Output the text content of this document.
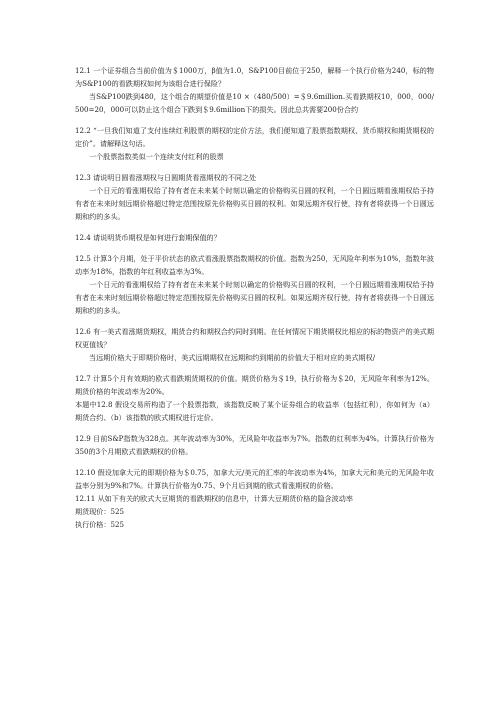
12.1 一个证券组合当前价值为＄1000万，β值为1.0，S&P100目前位于250，解释一个执行价格为240，标的物为S&P100的看跌期权如何为该组合进行保险？

当S&P100跌到480，这个组合的期望价值是10 ×（480/500）=＄9.6million.买看跌期权10，000，000/500=20，000可以防止这个组合下跌到＄9.6million下的损失。因此总共需要200份合约

12.2 “一旦我们知道了支付连续红利股票的期权的定价方法，我们便知道了股票指数期权、货币期权和期货期权的定价”。请解释这句话。

一个股票指数类似一个连续支付红利的股票

12.3 请说明日圆看涨期权与日圆期货看涨期权的不同之处

一个日元的看涨期权给了持有者在未来某个时刻以确定的价格购买日圆的权利，一个日圆远期看涨期权给予持有者在未来时刻远期价格超过特定范围按原先价格购买日圆的权利。如果远期齐权行使，持有者将获得一个日圆远期和约的多头。

12.4 请说明货币期权是如何进行套期保值的？

12.5 计算3个月期，处于平价状态的欧式看涨股票指数期权的价值。指数为250，无风险年利率为10%，指数年波动率为18%，指数的年红利收益率为3%。

一个日元的看涨期权给了持有者在未来某个时刻以确定的价格购买日圆的权利，一个日圆远期看涨期权给予持有者在未来时刻远期价格超过特定范围按原先价格购买日圆的权利。如果远期齐权行使，持有者将获得一个日圆远期和约的多头。

12.6 有一美式看涨期货期权，期货合约和期权合约同时到期。在任何情况下期货期权比相应的标的物资产的美式期权更值钱？

当远期价格大于即期价格时，美式远期期权在远期和约到期前的价值大于相对应的美式期权/

12.7 计算5个月有效期的欧式看跌期货期权的价值。期货价格为＄19，执行价格为＄20，无风险年利率为12%。期货价格的年波动率为20%。

本题中12.8 假设交易所构造了一个股票指数，该指数反映了某个证券组合的收益率（包括红利），你如何为（a）期货合约、（b）该指数的欧式期权进行定价。

12.9 目前S&P指数为328点。其年波动率为30%，无风险年收益率为7%。指数的红利率为4%。计算执行价格为350的3个月期欧式看跌期权的价格。

12.10 假设加拿大元的即期价格为＄0.75，加拿大元/美元的汇率的年波动率为4%，加拿大元和美元的无风险年收益率分别为9%和7%。计算执行价格为0.75、9个月后到期的欧式看涨期权的价格。

12.11 从如下有关的欧式大豆期货的看跌期权的信息中，计算大豆期货价格的隐含波动率

期货现价：525

执行价格：525
